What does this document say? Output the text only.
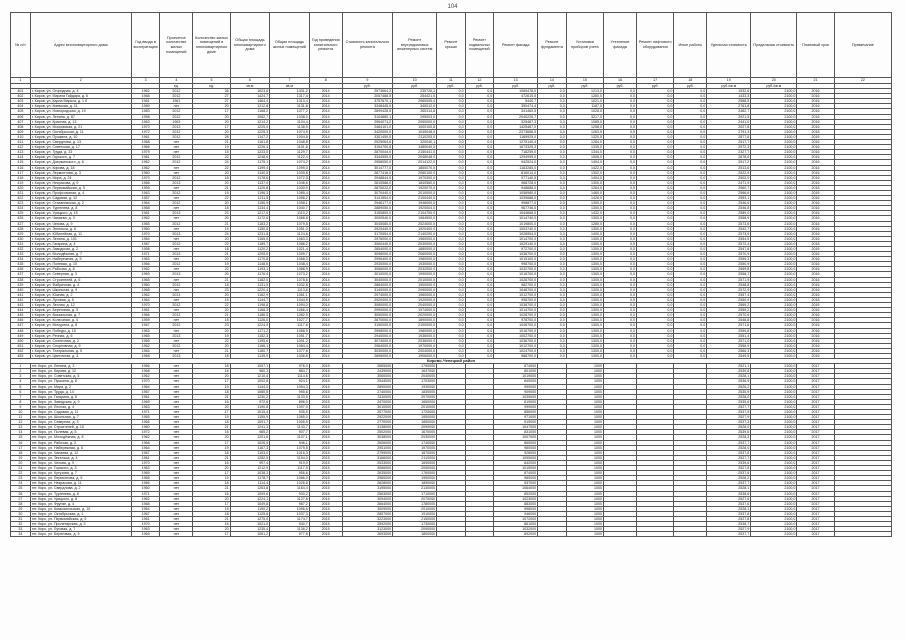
104
№ п/п	Адрес многоквартирного дома	Год ввода в эксплуатацию	Проектное количество жилых помещений	Количество жилых помещений в многоквартирном доме	Общая площадь многоквартирного дома	Общая площадь жилых помещений	Год проведения капитального ремонта	Стоимость капитального ремонта	Ремонт внутридомовых инженерных систем	Ремонт крыши	Ремонт подвальных помещений	Ремонт фасада	Ремонт фундамента	Установка приборов учета	Утепление фасада	Ремонт лифтового оборудования	Иные работы	Удельная стоимость	Предельная стоимость	Плановый срок	Примечание
1	2	3	4	5	6	7	8	9	10	11	12	13	14	15	16	17	18	19	20	21	22
			ед.	ед.	кв.м	кв.м		руб.	руб.	руб.	руб.	руб.	руб.	руб.	руб.	руб.	руб.	руб./кв.м	руб./кв.м		
401	г. Киров, ул. Огородная, д. 4	1962	2012	36	1623,6	1431,2	2014	2573664,2	235726,1	0,0	0,0	1065478,0	0,0	1213,0	0,0	0,0	0,0	1532,6	2100,0	2016	
402	г. Киров, ул. Марата Гайдара, д. 6	1968	2012	27	1424,7	1317,4	2014	2057488,5	254421,0	0,0	0,0	472615,5	0,0	1260,0	0,0	0,0	0,0	1433,3	2100,0	2016	
403	г. Киров, ул. Карла Маркса, д. 1 б	1961	1961	27	1464,4	1313,4	2014	3757670,1	2960005,4	0,0	0,0	5440,7	0,0	1021,0	0,0	0,0	0,0	2568,5	2100,0	2016	
404	г. Киров, ул. Киевская, д. 11	1989	нет	20	1212,8	1131,8	2014	3348445,0	340012,0	0,0	0,0	350474,4	0,0	1187,0	0,0	0,0	0,0	2761,8	2100,0	2016	
405	г. Киров, ул. Новгородская, д. 19	1983	2012	17	1168,2	1077,2	2014	2899428,5	265114,8	0,0	0,0	341460,5	0,0	1028,0	0,0	0,0	0,0	2482,7	2100,0	2016	
406	г. Киров, ул. Ленина, д. 87	1958	2012	20	1062,7	1038,0	2014	3104880,1	295003,0	0,0	0,0	2040225,7	0,0	3217,0	0,0	0,0	0,0	2921,5	2100,0	2016	
407	г. Киров, ул. Красная, д. 13	1963	1963	20	1214,2	1104,4	2014	2964071,2	2050000,0	0,0	0,0	325487,3	0,0	1085,0	0,0	0,0	0,0	2441,0	2100,0	2016	
408	г. Киров, ул. Московская, д. 21	1970	2013	17	1225,0	1138,5	2014	2484101,0	1000100,8	0,0	0,0	1425487,0	0,0	1258,0	0,0	0,0	0,0	2027,8	2100,0	2016	
409	г. Киров, ул. Октябрьская, д. 11	1972	2012	20	1225,3	1074,9	2014	3420000,0	1045048,0	0,0	0,0	2373688,5	0,0	1263,5	0,0	0,0	0,0	2791,3	2100,0	2016	
410	г. Киров, ул. Пушкина, д. 10	1961	2012	28	1147,2	1004,8	2014	3301450,5	2110205,0	0,0	0,0	1189925,0	0,0	1320,5	0,0	0,0	0,0	2877,8	2100,0	2016	
411	г. Киров, ул. Свердлова, д. 13	1968	нет	21	1161,8	1048,8	2014	2925064,6	320040,1	0,0	0,0	1275140,4	0,0	1284,0	0,0	0,0	0,0	2517,7	2100,0	2016	
412	г. Киров, ул. Советская, д. 17	1966	нет	19	1226,4	1101,6	2014	3154700,8	1480040,5	0,0	0,0	1673325,3	0,0	1335,0	0,0	0,0	0,0	2572,3	2100,0	2016	
413	г. Киров, ул. Труда, д. 33	1979	нет	15	1233,0	1129,7	2014	2870044,0	2150441,0	0,0	0,0	718259,0	0,0	1344,0	0,0	0,0	0,0	2327,7	2100,0	2016	
414	г. Киров, ул. Горького, д. 7	1961	2012	22	1248,6	1122,4	2014	3344555,0	2048048,0	0,0	0,0	1294999,0	0,0	1508,0	0,0	0,0	0,0	2678,6	2100,0	2016	
415	г. Киров, ул. Дзержинского, д. 6	1962	2012	24	1175,1	1074,2	2014	2958050,0	2014122,0	0,0	0,0	942524,0	0,0	1404,0	0,0	0,0	0,0	2517,2	2100,0	2016	
416	г. Киров, ул. Кирова, д. 18	1962	нет	22	1199,4	1099,0	2014	3014777,0	1850070,0	0,0	0,0	1163285,0	0,0	1422,0	0,0	0,0	0,0	2513,6	2100,0	2016	
417	г. Киров, ул. Лермонтова, д. 3	1960	нет	20	1140,5	1039,8	2014	2877416,0	2060100,0	0,0	0,0	816014,0	0,0	1302,0	0,0	0,0	0,0	2522,9	2100,0	2016	
418	г. Киров, ул. Мира, д. 24	1970	2012	18	1178,6	1072,3	2014	2948844,5	1970300,0	0,0	0,0	977140,5	0,0	1404,0	0,0	0,0	0,0	2502,0	2100,0	2016	
419	г. Киров, ул. Некрасова, д. 9	1966	2013	20	1137,0	1046,6	2014	2810588,0	1840560,0	0,0	0,0	968728,0	0,0	1300,0	0,0	0,0	0,0	2471,9	2100,0	2016	
420	г. Киров, ул. Первомайская, д. 5	1959	нет	21	1120,8	1030,0	2014	2870022,0	1920070,0	0,0	0,0	948688,0	0,0	1264,0	0,0	0,0	0,0	2560,7	2100,0	2016	
421	г. Киров, ул. Профсоюзная, д. 4	1963	2012	19	1196,3	1089,4	2014	3070440,0	2010000,0	0,0	0,0	1058980,0	0,0	1460,0	0,0	0,0	0,0	2566,6	2100,0	2016	
422	г. Киров, ул. Садовая, д. 12	1957	нет	22	1211,5	1098,2	2014	3141554,0	2100440,0	0,0	0,0	1039688,0	0,0	1426,0	0,0	0,0	0,0	2593,1	2100,0	2016	
423	г. Киров, ул. Стахановская, д. 2	1964	2012	20	1156,9	1058,1	2014	2946177,0	1946000,0	0,0	0,0	998877,0	0,0	1300,0	0,0	0,0	0,0	2546,6	2100,0	2016	
424	г. Киров, ул. Тургенева, д. 8	1968	нет	18	1134,4	1040,7	2014	2889050,0	1920004,0	0,0	0,0	967746,0	0,0	1300,0	0,0	0,0	0,0	2546,8	2100,0	2016	
425	г. Киров, ул. Урицкого, д. 15	1961	2013	23	1217,0	1110,2	2014	3150800,0	2104700,0	0,0	0,0	1044668,0	0,0	1432,0	0,0	0,0	0,0	2589,0	2100,0	2016	
426	г. Киров, ул. Чапаева, д. 3	1962	нет	20	1172,6	1068,8	2014	3000540,0	1984500,0	0,0	0,0	1014740,0	0,0	1300,0	0,0	0,0	0,0	2558,9	2100,0	2016	
427	г. Киров, ул. Чехова, д. 9	1965	2012	21	1183,2	1079,5	2014	3045080,0	2024000,0	0,0	0,0	1019800,0	0,0	1280,0	0,0	0,0	0,0	2573,6	2100,0	2016	
428	г. Киров, ул. Энгельса, д. 6	1960	нет	19	1150,5	1051,0	2014	2925440,0	1920400,0	0,0	0,0	1003740,0	0,0	1300,0	0,0	0,0	0,0	2542,7	2100,0	2016	
429	г. Киров, ул. Юбилейная, д. 11	1970	2013	24	1231,8	1124,6	2014	3170554,0	2140200,0	0,0	0,0	1028954,0	0,0	1400,0	0,0	0,0	0,0	2573,9	2100,0	2016	
430	г. Киров, ул. Ленина, д. 101	1964	нет	20	1165,0	1063,3	2014	2976000,0	1960000,0	0,0	0,0	1014700,0	0,0	1300,0	0,0	0,0	0,0	2554,5	2100,0	2016	
431	г. Киров, ул. Гагарина, д. 4	1967	2012	22	1189,7	1086,2	2014	3060440,0	2030000,0	0,0	0,0	1029140,0	0,0	1300,0	0,0	0,0	0,0	2572,4	2100,0	2016	
432	г. Киров, ул. Заводская, д. 2	1958	нет	18	1120,2	1021,4	2014	2854000,0	1880000,0	0,0	0,0	972700,0	0,0	1300,0	0,0	0,0	0,0	2547,8	2100,0	2016	
433	г. Киров, ул. Молодёжная, д. 7	1971	2013	21	1205,0	1099,7	2014	3098000,0	2060000,0	0,0	0,0	1036700,0	0,0	1300,0	0,0	0,0	0,0	2570,9	2100,0	2016	
434	г. Киров, ул. Набережная, д. 5	1963	нет	20	1170,8	1068,0	2014	2996400,0	1980000,0	0,0	0,0	1015100,0	0,0	1300,0	0,0	0,0	0,0	2559,3	2100,0	2016	
435	г. Киров, ул. Полевая, д. 10	1966	2012	19	1148,6	1048,4	2014	2930000,0	1930000,0	0,0	0,0	998700,0	0,0	1300,0	0,0	0,0	0,0	2550,9	2100,0	2016	
436	г. Киров, ул. Рабочая, д. 8	1962	нет	22	1193,1	1088,9	2014	3066000,0	2032000,0	0,0	0,0	1032700,0	0,0	1300,0	0,0	0,0	0,0	2569,8	2100,0	2016	
437	г. Киров, ул. Северная, д. 3	1969	2013	20	1176,4	1073,2	2014	3010000,0	1990000,0	0,0	0,0	1018700,0	0,0	1300,0	0,0	0,0	0,0	2558,7	2100,0	2016	
438	г. Киров, ул. Строителей, д. 6	1965	нет	21	1182,0	1078,6	2014	3040000,0	2010000,0	0,0	0,0	1028700,0	0,0	1300,0	0,0	0,0	0,0	2571,9	2100,0	2016	
439	г. Киров, ул. Фабричная, д. 4	1960	2012	18	1131,5	1032,8	2014	2884000,0	1900000,0	0,0	0,0	982700,0	0,0	1300,0	0,0	0,0	0,0	2548,8	2100,0	2016	
440	г. Киров, ул. Школьная, д. 9	1968	нет	23	1220,4	1113,6	2014	3140000,0	2090000,0	0,0	0,0	1048700,0	0,0	1300,0	0,0	0,0	0,0	2572,9	2100,0	2016	
441	г. Киров, ул. Южная, д. 2	1962	2013	20	1162,9	1061,1	2014	2974000,0	1960000,0	0,0	0,0	1012700,0	0,0	1300,0	0,0	0,0	0,0	2557,4	2100,0	2016	
442	г. Киров, ул. Луговая, д. 5	1964	нет	19	1144,7	1044,9	2014	2920000,0	1920000,0	0,0	0,0	998700,0	0,0	1300,0	0,0	0,0	0,0	2550,9	2100,0	2016	
443	г. Киров, ул. Лесная, д. 12	1970	2012	22	1198,8	1094,0	2014	3080000,0	2040000,0	0,0	0,0	1038700,0	0,0	1300,0	0,0	0,0	0,0	2569,2	2100,0	2016	
444	г. Киров, ул. Береговая, д. 3	1961	нет	20	1168,3	1066,4	2014	2990000,0	1974000,0	0,0	0,0	1014700,0	0,0	1300,0	0,0	0,0	0,0	2559,2	2100,0	2016	
445	г. Киров, ул. Вокзальная, д. 7	1966	2013	21	1186,5	1082,9	2014	3050000,0	2020000,0	0,0	0,0	1028700,0	0,0	1300,0	0,0	0,0	0,0	2570,6	2100,0	2016	
446	г. Киров, ул. Колхозная, д. 4	1959	нет	18	1126,0	1027,7	2014	2870000,0	1890000,0	0,0	0,0	978700,0	0,0	1300,0	0,0	0,0	0,0	2548,8	2100,0	2016	
447	г. Киров, ул. Мичурина, д. 8	1967	2012	23	1224,9	1117,8	2014	3150000,0	2100000,0	0,0	0,0	1048700,0	0,0	1300,0	0,0	0,0	0,0	2571,6	2100,0	2016	
448	г. Киров, ул. Победы, д. 15	1963	нет	20	1171,2	1068,9	2014	2998000,0	1980000,0	0,0	0,0	1016700,0	0,0	1300,0	0,0	0,0	0,0	2559,8	2100,0	2016	
449	г. Киров, ул. Речная, д. 6	1965	2013	19	1152,3	1051,7	2014	2940000,0	1936000,0	0,0	0,0	1002700,0	0,0	1300,0	0,0	0,0	0,0	2551,4	2100,0	2016	
450	г. Киров, ул. Солнечная, д. 2	1969	нет	22	1195,6	1091,2	2014	3074000,0	2036000,0	0,0	0,0	1036700,0	0,0	1300,0	0,0	0,0	0,0	2571,0	2100,0	2016	
451	г. Киров, ул. Спортивная, д. 9	1962	2012	20	1166,1	1064,4	2014	2984000,0	1970000,0	0,0	0,0	1012700,0	0,0	1300,0	0,0	0,0	0,0	2558,9	2100,0	2016	
452	г. Киров, ул. Театральная, д. 5	1964	нет	21	1180,7	1077,6	2014	3030000,0	2004000,0	0,0	0,0	1024700,0	0,0	1300,0	0,0	0,0	0,0	2566,3	2100,0	2016	
453	г. Киров, ул. Цветочная, д. 3	1968	2013	18	1135,9	1036,8	2014	2896000,0	1906000,0	0,0	0,0	988700,0	0,0	1300,0	0,0	0,0	0,0	2549,5	2100,0	2016	
Кирово-Чепецкий район																					
1	пгт. Кирс, ул. Ленина, д. 3	1966	нет	18	1057,1	976,0	2015	2665000	1790000			874000		1000				2521,1	2100,0	2017	
2	пгт. Кирс, ул. Кирова, д. 12	1968	нет	16	960,3	884,7	2015	2439000	1637000			801000		1000				2539,8	2100,0	2017	
3	пгт. Кирс, ул. Советская, д. 5	1962	нет	20	1210,4	1114,6	2015	3060000	2040000			1019000		1000				2528,1	2100,0	2017	
4	пгт. Кирс, ул. Пушкина, д. 8	1970	нет	17	1002,8	924,1	2015	2544000	1703000			840000		1000				2536,9	2100,0	2017	
5	пгт. Кирс, ул. Мира, д. 2	1964	нет	19	1144,0	1054,3	2015	2890000	1930000			959000		1000				2526,2	2100,0	2017	
6	пгт. Кирс, ул. Труда, д. 14	1967	нет	18	1080,5	995,6	2015	2740000	1830000			909000		1000				2535,9	2100,0	2017	
7	пгт. Кирс, ул. Гагарина, д. 6	1961	нет	21	1230,2	1133,5	2015	3110000	2070000			1039000		1000				2528,0	2100,0	2017	
8	пгт. Кирс, ул. Заводская, д. 9	1969	нет	16	972,6	896,0	2015	2470000	1650000			819000		1000				2539,6	2100,0	2017	
9	пгт. Кирс, ул. Лесная, д. 4	1963	нет	20	1190,8	1097,0	2015	3010000	2010000			999000		1000				2527,7	2100,0	2017	
10	пгт. Кирс, ул. Садовая, д. 11	1971	нет	17	1015,4	935,5	2015	2577000	1720000			856000		1000				2537,9	2100,0	2017	
11	пгт. Кирс, ул. Школьная, д. 7	1965	нет	19	1155,9	1065,0	2015	2922000	1950000			971000		1000				2527,9	2100,0	2017	
12	пгт. Кирс, ул. Северная, д. 3	1966	нет	18	1091,7	1005,9	2015	2770000	1850000			919000		1000				2537,3	2100,0	2017	
13	пгт. Кирс, ул. Строителей, д. 10	1960	нет	21	1241,3	1143,7	2015	3138000	2090000			1047000		1000				2528,0	2100,0	2017	
14	пгт. Кирс, ул. Полевая, д. 5	1972	нет	16	985,2	907,7	2015	2502000	1670000			831000		1000				2539,6	2100,0	2017	
15	пгт. Кирс, ул. Молодёжная, д. 8	1962	нет	20	1201,6	1107,1	2015	3038000	2030000			1007000		1000				2528,3	2100,0	2017	
16	пгт. Кирс, ул. Рабочая, д. 2	1968	нет	17	1026,9	946,1	2015	2606000	1740000			865000		1000				2537,7	2100,0	2017	
17	пгт. Кирс, ул. Набережная, д. 6	1964	нет	19	1167,3	1075,5	2015	2951000	1970000			980000		1000				2528,0	2100,0	2017	
18	пгт. Кирс, ул. Чапаева, д. 12	1967	нет	18	1103,0	1016,3	2015	2799000	1870000			928000		1000				2537,6	2100,0	2017	
19	пгт. Кирс, ул. Энгельса, д. 4	1961	нет	21	1252,5	1154,0	2015	3166000	2110000			1055000		1000				2527,7	2100,0	2017	
20	пгт. Кирс, ул. Чехова, д. 9	1970	нет	16	997,4	919,0	2015	2533000	1690000			842000		1000				2539,6	2100,0	2017	
21	пгт. Кирс, ул. Горького, д. 3	1963	нет	20	1212,9	1117,5	2015	3066000	2050000			1015000		1000				2527,8	2100,0	2017	
22	пгт. Кирс, ул. Кутузова, д. 7	1969	нет	17	1038,3	956,6	2015	2635000	1760000			874000		1000				2537,8	2100,0	2017	
23	пгт. Кирс, ул. Лермонтова, д. 5	1965	нет	19	1178,7	1086,0	2015	2980000	1990000			989000		1000				2528,2	2100,0	2017	
24	пгт. Кирс, ул. Некрасова, д. 11	1966	нет	18	1114,4	1026,8	2015	2828000	1890000			937000		1000				2537,7	2100,0	2017	
25	пгт. Кирс, ул. Свердлова, д. 2	1960	нет	21	1263,8	1164,4	2015	3195000	2130000			1064000		1000				2528,1	2100,0	2017	
26	пгт. Кирс, ул. Тургенева, д. 6	1971	нет	16	1009,6	930,2	2015	2563000	1710000			852000		1000				2538,6	2100,0	2017	
27	пгт. Кирс, ул. Урицкого, д. 8	1962	нет	20	1224,1	1127,8	2015	3094000	2070000			1023000		1000				2527,6	2100,0	2017	
28	пгт. Кирс, ул. Фрунзе, д. 4	1968	нет	17	1049,8	967,2	2015	2664000	1780000			883000		1000				2537,6	2100,0	2017	
29	пгт. Кирс, ул. Комсомольская, д. 10	1964	нет	19	1190,2	1096,6	2015	3009000	2010000			998000		1000				2528,1	2100,0	2017	
30	пгт. Кирс, ул. Октябрьская, д. 1	1967	нет	18	1125,8	1037,3	2015	2857000	1910000			946000		1000				2537,8	2100,0	2017	
31	пгт. Кирс, ул. Первомайская, д. 5	1961	нет	21	1275,0	1174,7	2015	3223000	2150000			1072000		1000				2527,8	2100,0	2017	
32	пгт. Кирс, ул. Пролетарская, д. 3	1970	нет	16	1021,0	940,7	2015	2592000	1730000			861000		1000				2538,7	2100,0	2017	
33	пгт. Кирс, ул. Луговая, д. 7	1963	нет	20	1235,4	1138,2	2015	3123000	2090000			1032000		1000				2527,9	2100,0	2017	
34	пгт. Кирс, ул. Береговая, д. 9	1969	нет	17	1061,2	977,8	2015	2693000	1800000			892000		1000				2537,7	2100,0	2017	
